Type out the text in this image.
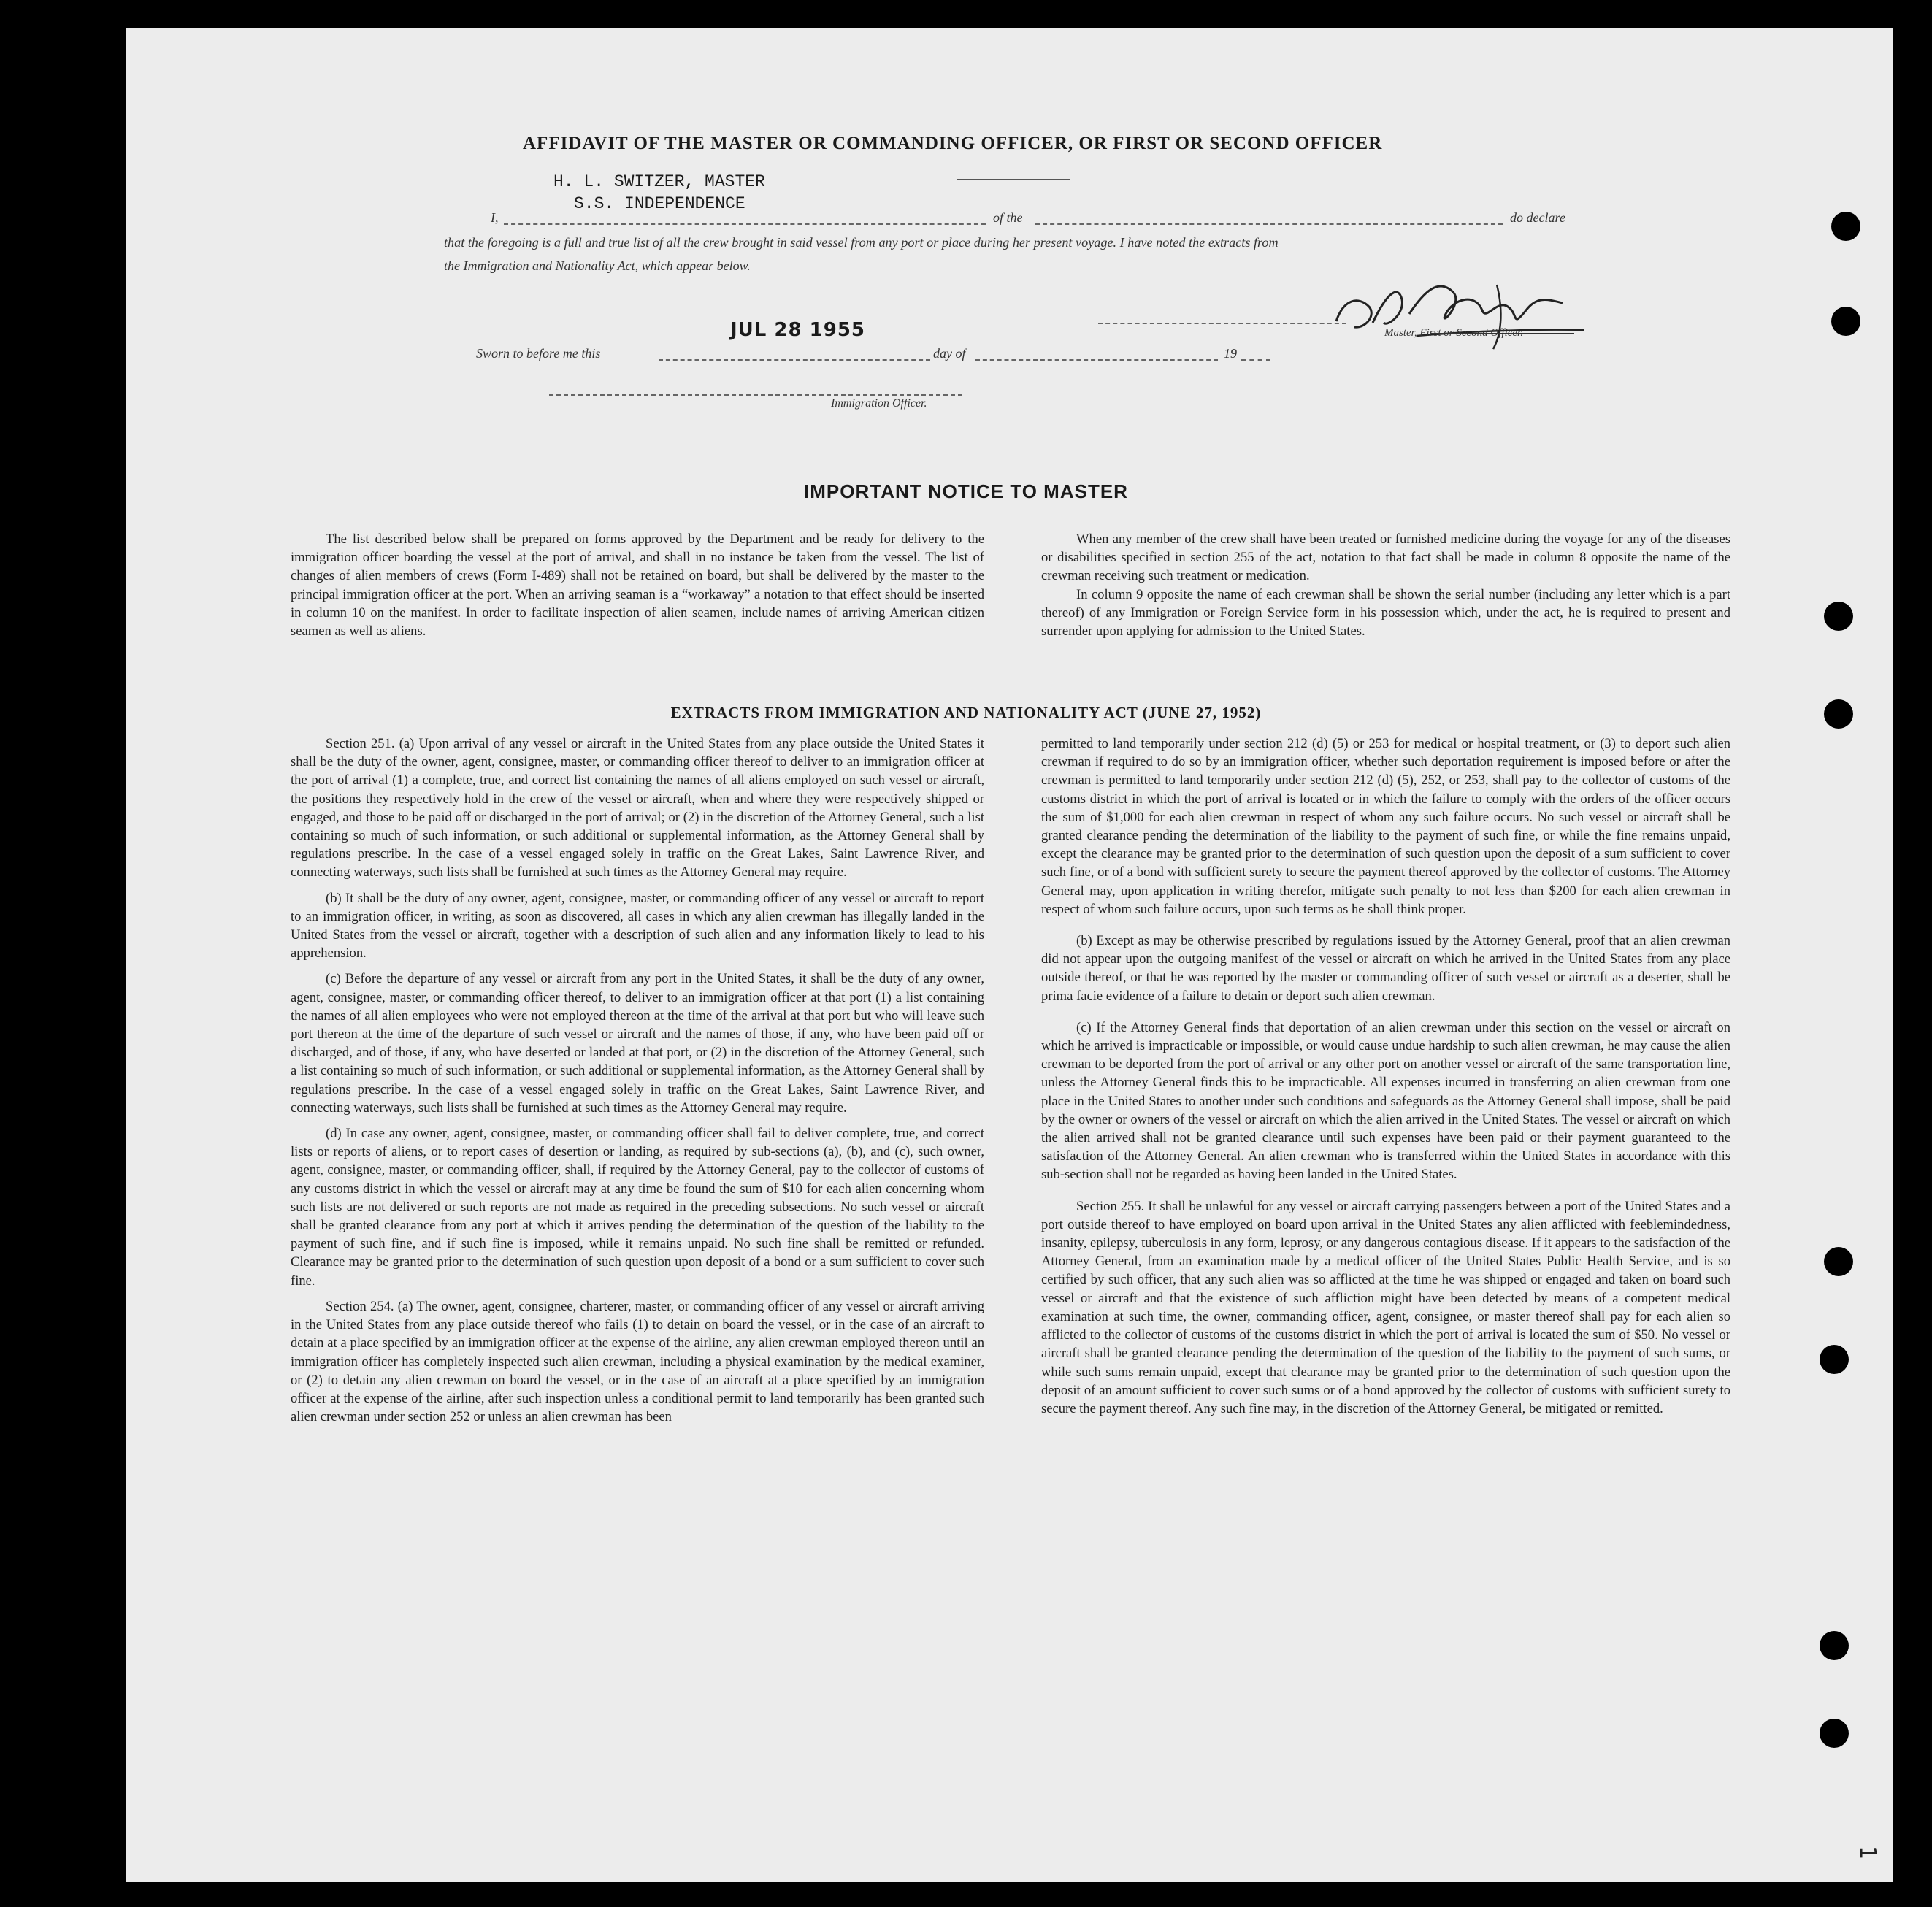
AFFIDAVIT OF THE MASTER OR COMMANDING OFFICER, OR FIRST OR SECOND OFFICER
H. L. SWITZER, MASTER
S.S. INDEPENDENCE
I,	of the	do declare
that the foregoing is a full and true list of all the crew brought in said vessel from any port or place during her present voyage. I have noted the extracts from
the Immigration and Nationality Act, which appear below.
Master, First or Second Officer.
JUL 28 1955
Sworn to before me this	day of	19
Immigration Officer.
IMPORTANT NOTICE TO MASTER

The list described below shall be prepared on forms approved by the Department and be ready for delivery to the immigration officer boarding the vessel at the port of arrival, and shall in no instance be taken from the vessel. The list of changes of alien members of crews (Form I-489) shall not be retained on board, but shall be delivered by the master to the principal immigration officer at the port. When an arriving seaman is a “workaway” a notation to that effect should be inserted in column 10 on the manifest. In order to facilitate inspection of alien seamen, include names of arriving American citizen seamen as well as aliens.

When any member of the crew shall have been treated or furnished medicine during the voyage for any of the diseases or disabilities specified in section 255 of the act, notation to that fact shall be made in column 8 opposite the name of the crewman receiving such treatment or medication.

In column 9 opposite the name of each crewman shall be shown the serial number (including any letter which is a part thereof) of any Immigration or Foreign Service form in his possession which, under the act, he is required to present and surrender upon applying for admission to the United States.

EXTRACTS FROM IMMIGRATION AND NATIONALITY ACT (JUNE 27, 1952)

Section 251. (a) Upon arrival of any vessel or aircraft in the United States from any place outside the United States it shall be the duty of the owner, agent, consignee, master, or commanding officer thereof to deliver to an immigration officer at the port of arrival (1) a complete, true, and correct list containing the names of all aliens employed on such vessel or aircraft, the positions they respectively hold in the crew of the vessel or aircraft, when and where they were respectively shipped or engaged, and those to be paid off or discharged in the port of arrival; or (2) in the discretion of the Attorney General, such a list containing so much of such information, or such additional or supplemental information, as the Attorney General shall by regulations prescribe. In the case of a vessel engaged solely in traffic on the Great Lakes, Saint Lawrence River, and connecting waterways, such lists shall be furnished at such times as the Attorney General may require.

(b) It shall be the duty of any owner, agent, consignee, master, or commanding officer of any vessel or aircraft to report to an immigration officer, in writing, as soon as discovered, all cases in which any alien crewman has illegally landed in the United States from the vessel or aircraft, together with a description of such alien and any information likely to lead to his apprehension.

(c) Before the departure of any vessel or aircraft from any port in the United States, it shall be the duty of any owner, agent, consignee, master, or commanding officer thereof, to deliver to an immigration officer at that port (1) a list containing the names of all alien employees who were not employed thereon at the time of the arrival at that port but who will leave such port thereon at the time of the departure of such vessel or aircraft and the names of those, if any, who have been paid off or discharged, and of those, if any, who have deserted or landed at that port, or (2) in the discretion of the Attorney General, such a list containing so much of such information, or such additional or supplemental information, as the Attorney General shall by regulations prescribe. In the case of a vessel engaged solely in traffic on the Great Lakes, Saint Lawrence River, and connecting waterways, such lists shall be furnished at such times as the Attorney General may require.

(d) In case any owner, agent, consignee, master, or commanding officer shall fail to deliver complete, true, and correct lists or reports of aliens, or to report cases of desertion or landing, as required by sub-sections (a), (b), and (c), such owner, agent, consignee, master, or commanding officer, shall, if required by the Attorney General, pay to the collector of customs of any customs district in which the vessel or aircraft may at any time be found the sum of $10 for each alien concerning whom such lists are not delivered or such reports are not made as required in the preceding subsections. No such vessel or aircraft shall be granted clearance from any port at which it arrives pending the determination of the question of the liability to the payment of such fine, and if such fine is imposed, while it remains unpaid. No such fine shall be remitted or refunded. Clearance may be granted prior to the determination of such question upon deposit of a bond or a sum sufficient to cover such fine.

Section 254. (a) The owner, agent, consignee, charterer, master, or commanding officer of any vessel or aircraft arriving in the United States from any place outside thereof who fails (1) to detain on board the vessel, or in the case of an aircraft to detain at a place specified by an immigration officer at the expense of the airline, any alien crewman employed thereon until an immigration officer has completely inspected such alien crewman, including a physical examination by the medical examiner, or (2) to detain any alien crewman on board the vessel, or in the case of an aircraft at a place specified by an immigration officer at the expense of the airline, after such inspection unless a conditional permit to land temporarily has been granted such alien crewman under section 252 or unless an alien crewman has been

permitted to land temporarily under section 212 (d) (5) or 253 for medical or hospital treatment, or (3) to deport such alien crewman if required to do so by an immigration officer, whether such deportation requirement is imposed before or after the crewman is permitted to land temporarily under section 212 (d) (5), 252, or 253, shall pay to the collector of customs of the customs district in which the port of arrival is located or in which the failure to comply with the orders of the officer occurs the sum of $1,000 for each alien crewman in respect of whom any such failure occurs. No such vessel or aircraft shall be granted clearance pending the determination of the liability to the payment of such fine, or while the fine remains unpaid, except the clearance may be granted prior to the determination of such question upon the deposit of a sum sufficient to cover such fine, or of a bond with sufficient surety to secure the payment thereof approved by the collector of customs. The Attorney General may, upon application in writing therefor, mitigate such penalty to not less than $200 for each alien crewman in respect of whom such failure occurs, upon such terms as he shall think proper.

(b) Except as may be otherwise prescribed by regulations issued by the Attorney General, proof that an alien crewman did not appear upon the outgoing manifest of the vessel or aircraft on which he arrived in the United States from any place outside thereof, or that he was reported by the master or commanding officer of such vessel or aircraft as a deserter, shall be prima facie evidence of a failure to detain or deport such alien crewman.

(c) If the Attorney General finds that deportation of an alien crewman under this section on the vessel or aircraft on which he arrived is impracticable or impossible, or would cause undue hardship to such alien crewman, he may cause the alien crewman to be deported from the port of arrival or any other port on another vessel or aircraft of the same transportation line, unless the Attorney General finds this to be impracticable. All expenses incurred in transferring an alien crewman from one place in the United States to another under such conditions and safeguards as the Attorney General shall impose, shall be paid by the owner or owners of the vessel or aircraft on which the alien arrived in the United States. The vessel or aircraft on which the alien arrived shall not be granted clearance until such expenses have been paid or their payment guaranteed to the satisfaction of the Attorney General. An alien crewman who is transferred within the United States in accordance with this sub-section shall not be regarded as having been landed in the United States.

Section 255. It shall be unlawful for any vessel or aircraft carrying passengers between a port of the United States and a port outside thereof to have employed on board upon arrival in the United States any alien afflicted with feeblemindedness, insanity, epilepsy, tuberculosis in any form, leprosy, or any dangerous contagious disease. If it appears to the satisfaction of the Attorney General, from an examination made by a medical officer of the United States Public Health Service, and is so certified by such officer, that any such alien was so afflicted at the time he was shipped or engaged and taken on board such vessel or aircraft and that the existence of such affliction might have been detected by means of a competent medical examination at such time, the owner, commanding officer, agent, consignee, or master thereof shall pay for each alien so afflicted to the collector of customs of the customs district in which the port of arrival is located the sum of $50. No vessel or aircraft shall be granted clearance pending the determination of the question of the liability to the payment of such sums, or while such sums remain unpaid, except that clearance may be granted prior to the determination of such question upon the deposit of an amount sufficient to cover such sums or of a bond approved by the collector of customs with sufficient surety to secure the payment thereof. Any such fine may, in the discretion of the Attorney General, be mitigated or remitted.

1
